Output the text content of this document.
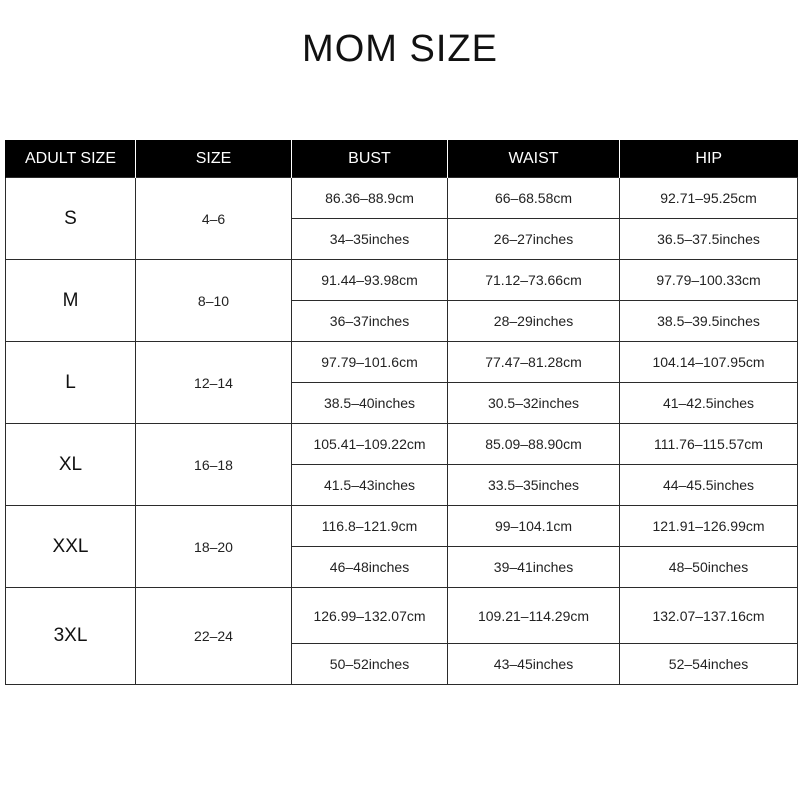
MOM SIZE
ADULT SIZE	SIZE	BUST	WAIST	HIP
S	4–6	86.36–88.9cm	66–68.58cm	92.71–95.25cm
		34–35inches	26–27inches	36.5–37.5inches
M	8–10	91.44–93.98cm	71.12–73.66cm	97.79–100.33cm
		36–37inches	28–29inches	38.5–39.5inches
L	12–14	97.79–101.6cm	77.47–81.28cm	104.14–107.95cm
		38.5–40inches	30.5–32inches	41–42.5inches
XL	16–18	105.41–109.22cm	85.09–88.90cm	111.76–115.57cm
		41.5–43inches	33.5–35inches	44–45.5inches
XXL	18–20	116.8–121.9cm	99–104.1cm	121.91–126.99cm
		46–48inches	39–41inches	48–50inches
3XL	22–24	126.99–132.07cm	109.21–114.29cm	132.07–137.16cm
		50–52inches	43–45inches	52–54inches
